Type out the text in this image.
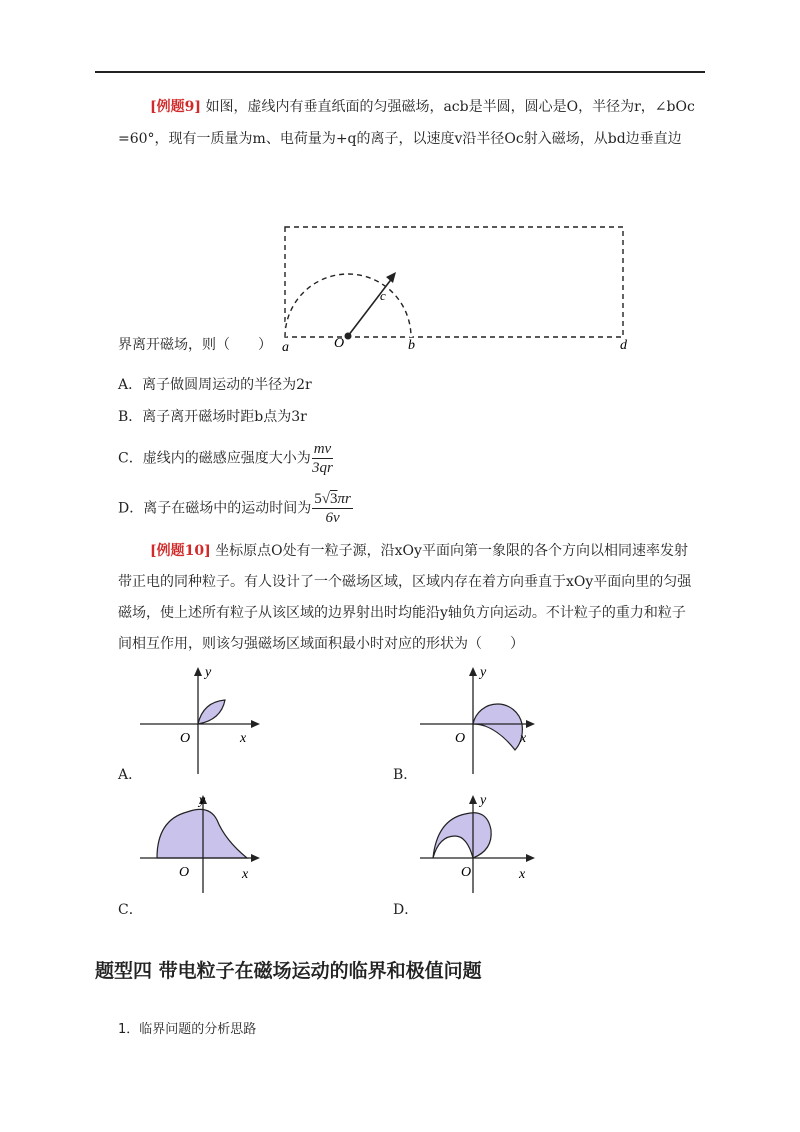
[例题9] 如图，虚线内有垂直纸面的匀强磁场，acb是半圆，圆心是O，半径为r，∠bOc
=60°，现有一质量为m、电荷量为+q的离子，以速度v沿半径Oc射入磁场，从bd边垂直边
c
a	O	b	d
界离开磁场，则（　　）
A．离子做圆周运动的半径为2r
B．离子离开磁场时距b点为3r
C．虚线内的磁感应强度大小为 $\frac{mv}{3qr}$
D．离子在磁场中的运动时间为 $\frac{5√3\pi r}{6v}$
[例题10] 坐标原点O处有一粒子源，沿xOy平面向第一象限的各个方向以相同速率发射
带正电的同种粒子。有人设计了一个磁场区域，区域内存在着方向垂直于xOy平面向里的匀强
磁场，使上述所有粒子从该区域的边界射出时均能沿y轴负方向运动。不计粒子的重力和粒子
间相互作用，则该匀强磁场区域面积最小时对应的形状为（　　）
y
x
O
A．
y
x
O
B．
y
x
O
C．
y
x
O
D．
题型四 带电粒子在磁场运动的临界和极值问题
1．临界问题的分析思路
